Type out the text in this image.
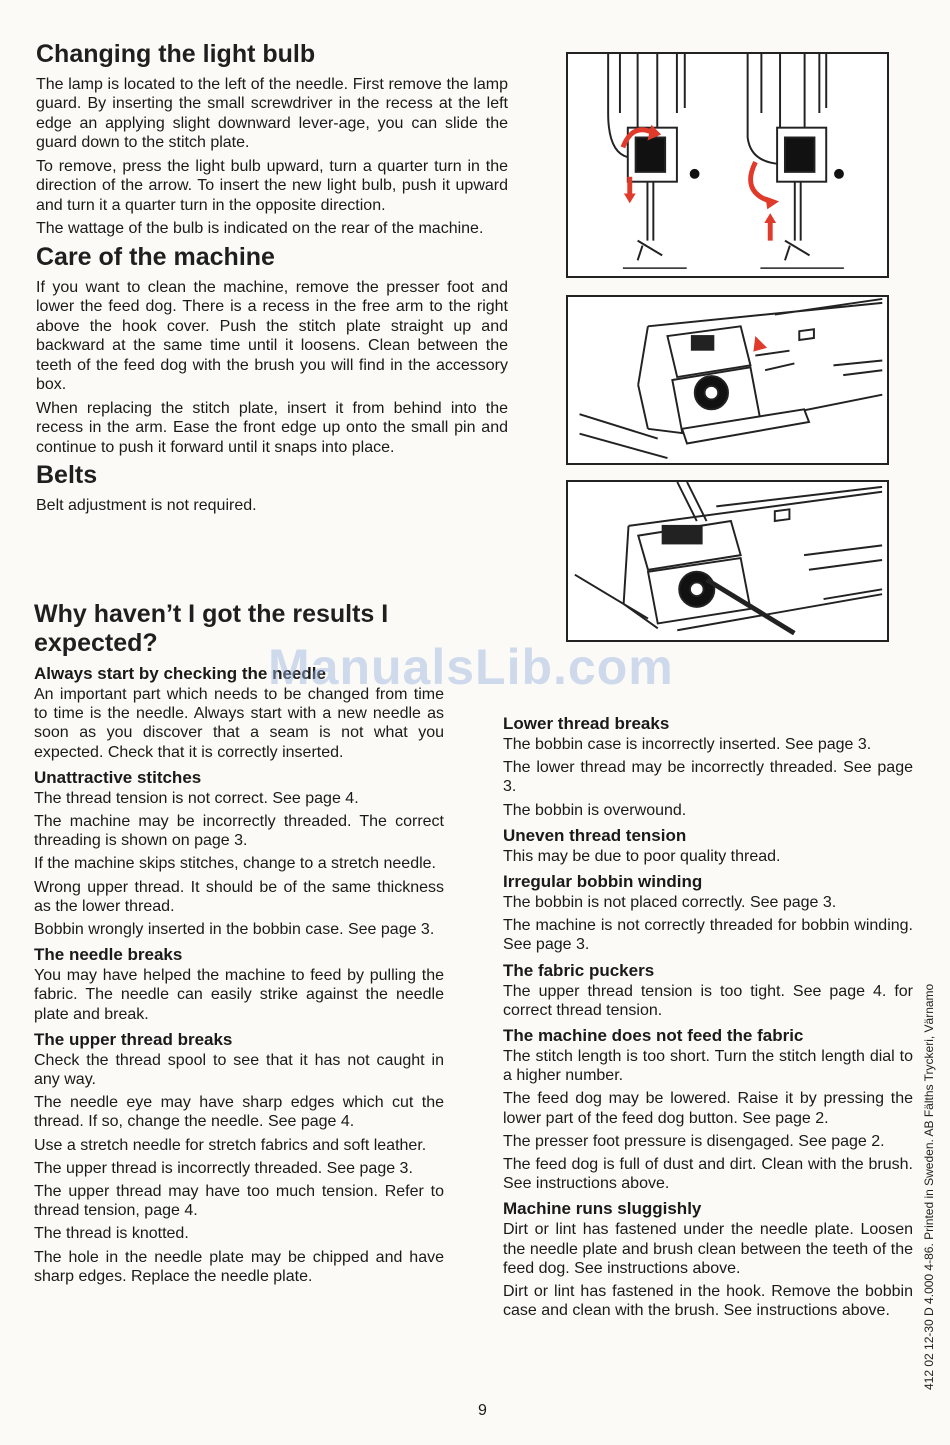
Changing the light bulb

The lamp is located to the left of the needle. First remove the lamp guard. By inserting the small screwdriver in the recess at the left edge an applying slight downward lever-age, you can slide the guard down to the stitch plate.

To remove, press the light bulb upward, turn a quarter turn in the direction of the arrow. To insert the new light bulb, push it upward and turn it a quarter turn in the opposite direction.

The wattage of the bulb is indicated on the rear of the machine.

Care of the machine

If you want to clean the machine, remove the presser foot and lower the feed dog. There is a recess in the free arm to the right above the hook cover. Push the stitch plate straight up and backward at the same time until it loosens. Clean between the teeth of the feed dog with the brush you will find in the accessory box.

When replacing the stitch plate, insert it from behind into the recess in the arm. Ease the front edge up onto the small pin and continue to push it forward until it snaps into place.

Belts

Belt adjustment is not required.

Why haven’t I got the results I expected?
Always start by checking the needle

An important part which needs to be changed from time to time is the needle. Always start with a new needle as soon as you discover that a seam is not what you expected. Check that it is correctly inserted.

Unattractive stitches

The thread tension is not correct. See page 4.

The machine may be incorrectly threaded. The correct threading is shown on page 3.

If the machine skips stitches, change to a stretch needle.

Wrong upper thread. It should be of the same thickness as the lower thread.

Bobbin wrongly inserted in the bobbin case. See page 3.

The needle breaks

You may have helped the machine to feed by pulling the fabric. The needle can easily strike against the needle plate and break.

The upper thread breaks

Check the thread spool to see that it has not caught in any way.

The needle eye may have sharp edges which cut the thread. If so, change the needle. See page 4.

Use a stretch needle for stretch fabrics and soft leather.

The upper thread is incorrectly threaded. See page 3.

The upper thread may have too much tension. Refer to thread tension, page 4.

The thread is knotted.

The hole in the needle plate may be chipped and have sharp edges. Replace the needle plate.

Lower thread breaks

The bobbin case is incorrectly inserted. See page 3.

The lower thread may be incorrectly threaded. See page 3.

The bobbin is overwound.

Uneven thread tension

This may be due to poor quality thread.

Irregular bobbin winding

The bobbin is not placed correctly. See page 3.

The machine is not correctly threaded for bobbin winding. See page 3.

The fabric puckers

The upper thread tension is too tight. See page 4. for correct thread tension.

The machine does not feed the fabric

The stitch length is too short. Turn the stitch length dial to a higher number.

The feed dog may be lowered. Raise it by pressing the lower part of the feed dog button. See page 2.

The presser foot pressure is disengaged. See page 2.

The feed dog is full of dust and dirt. Clean with the brush. See instructions above.

Machine runs sluggishly

Dirt or lint has fastened under the needle plate. Loosen the needle plate and brush clean between the teeth of the feed dog. See instructions above.

Dirt or lint has fastened in the hook. Remove the bobbin case and clean with the brush. See instructions above.

ManualsLib.com
412 02 12-30 D 4.000 4-86. Printed in Sweden. AB Fälths Tryckeri, Värnamo
9
